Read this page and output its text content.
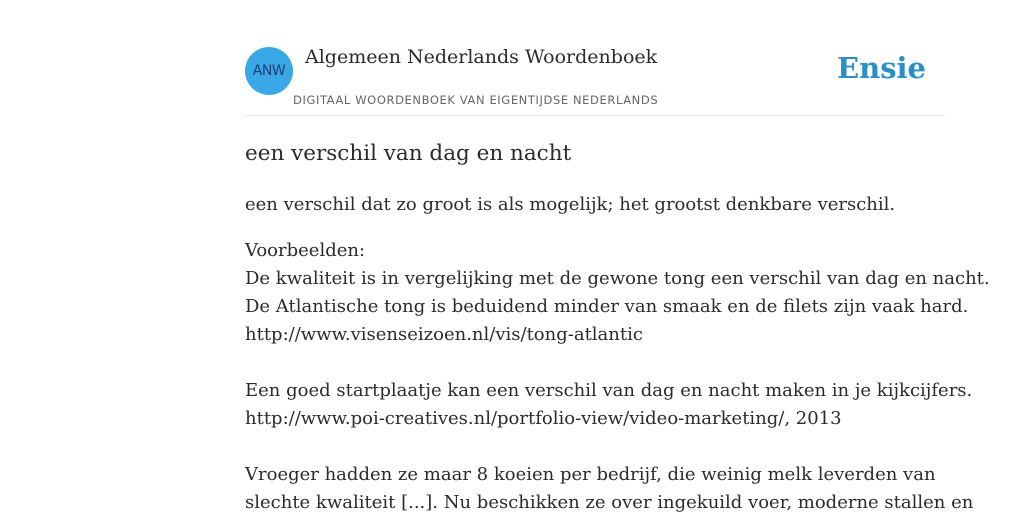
ANW
Algemeen Nederlands Woordenboek
DIGITAAL WOORDENBOEK VAN EIGENTIJDSE NEDERLANDS
Ensie
een verschil van dag en nacht
een verschil dat zo groot is als mogelijk; het grootst denkbare verschil.
Voorbeelden:
De kwaliteit is in vergelijking met de gewone tong een verschil van dag en nacht.
De Atlantische tong is beduidend minder van smaak en de filets zijn vaak hard.
http://www.visenseizoen.nl/vis/tong-atlantic
Een goed startplaatje kan een verschil van dag en nacht maken in je kijkcijfers.
http://www.poi-creatives.nl/portfolio-view/video-marketing/, 2013
Vroeger hadden ze maar 8 koeien per bedrijf, die weinig melk leverden van
slechte kwaliteit [...]. Nu beschikken ze over ingekuild voer, moderne stallen en
